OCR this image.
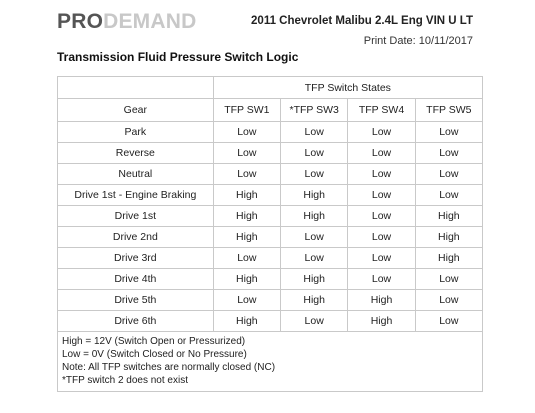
PRODEMAND	2011 Chevrolet Malibu 2.4L Eng VIN U LT
Print Date: 10/11/2017
Transmission Fluid Pressure Switch Logic
	TFP Switch States			
Gear	TFP SW1	*TFP SW3	TFP SW4	TFP SW5
Park	Low	Low	Low	Low
Reverse	Low	Low	Low	Low
Neutral	Low	Low	Low	Low
Drive 1st - Engine Braking	High	High	Low	Low
Drive 1st	High	High	Low	High
Drive 2nd	High	Low	Low	High
Drive 3rd	Low	Low	Low	High
Drive 4th	High	High	Low	Low
Drive 5th	Low	High	High	Low
Drive 6th	High	Low	High	Low

High = 12V (Switch Open or Pressurized)
Low = 0V (Switch Closed or No Pressure)
Note: All TFP switches are normally closed (NC)
*TFP switch 2 does not exist				
